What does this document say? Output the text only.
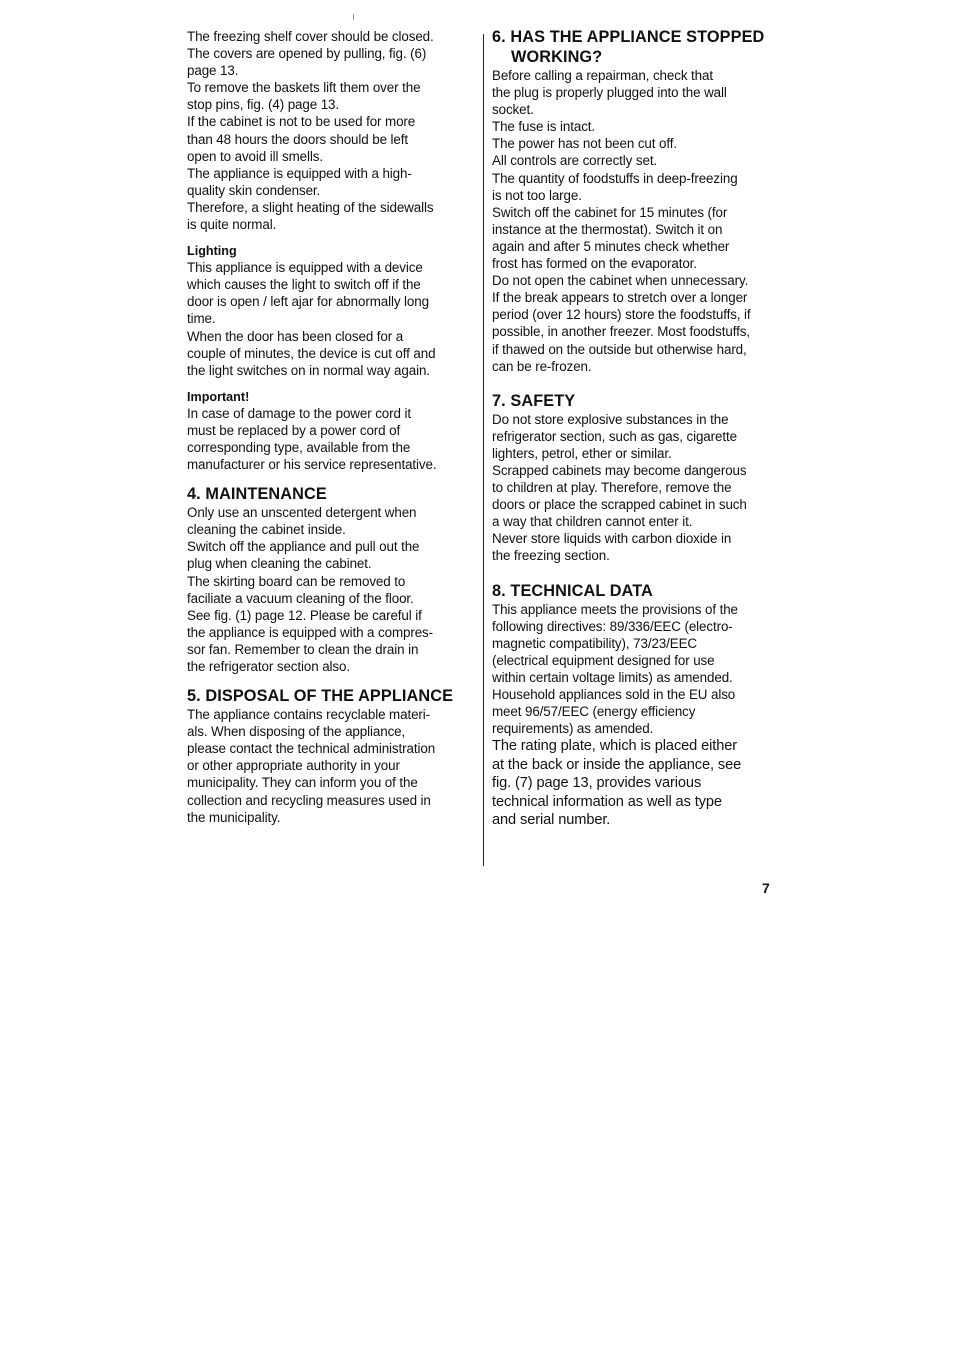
The freezing shelf cover should be closed.

The covers are opened by pulling, fig. (6)

page 13.

To remove the baskets lift them over the

stop pins, fig. (4) page 13.

If the cabinet is not to be used for more

than 48 hours the doors should be left

open to avoid ill smells.

The appliance is equipped with a high-

quality skin condenser.

Therefore, a slight heating of the sidewalls

is quite normal.

Lighting

This appliance is equipped with a device

which causes the light to switch off if the

door is open / left ajar for abnormally long

time.

When the door has been closed for a

couple of minutes, the device is cut off and

the light switches on in normal way again.

Important!

In case of damage to the power cord it

must be replaced by a power cord of

corresponding type, available from the

manufacturer or his service representative.

4. MAINTENANCE

Only use an unscented detergent when

cleaning the cabinet inside.

Switch off the appliance and pull out the

plug when cleaning the cabinet.

The skirting board can be removed to

faciliate a vacuum cleaning of the floor.

See fig. (1) page 12. Please be careful if

the appliance is equipped with a compres-

sor fan. Remember to clean the drain in

the refrigerator section also.

5. DISPOSAL OF THE APPLIANCE

The appliance contains recyclable materi-

als. When disposing of the appliance,

please contact the technical administration

or other appropriate authority in your

municipality. They can inform you of the

collection and recycling measures used in

the municipality.

6. HAS THE APPLIANCE STOPPED
WORKING?

Before calling a repairman, check that

the plug is properly plugged into the wall

socket.

The fuse is intact.

The power has not been cut off.

All controls are correctly set.

The quantity of foodstuffs in deep-freezing

is not too large.

Switch off the cabinet for 15 minutes (for

instance at the thermostat). Switch it on

again and after 5 minutes check whether

frost has formed on the evaporator.

Do not open the cabinet when unnecessary.

If the break appears to stretch over a longer

period (over 12 hours) store the foodstuffs, if

possible, in another freezer. Most foodstuffs,

if thawed on the outside but otherwise hard,

can be re-frozen.

7. SAFETY

Do not store explosive substances in the

refrigerator section, such as gas, cigarette

lighters, petrol, ether or similar.

Scrapped cabinets may become dangerous

to children at play. Therefore, remove the

doors or place the scrapped cabinet in such

a way that children cannot enter it.

Never store liquids with carbon dioxide in

the freezing section.

8. TECHNICAL DATA

This appliance meets the provisions of the

following directives: 89/336/EEC (electro-

magnetic compatibility), 73/23/EEC

(electrical equipment designed for use

within certain voltage limits) as amended.

Household appliances sold in the EU also

meet 96/57/EEC (energy efficiency

requirements) as amended.

The rating plate, which is placed either

at the back or inside the appliance, see

fig. (7) page 13, provides various

technical information as well as type

and serial number.

7
